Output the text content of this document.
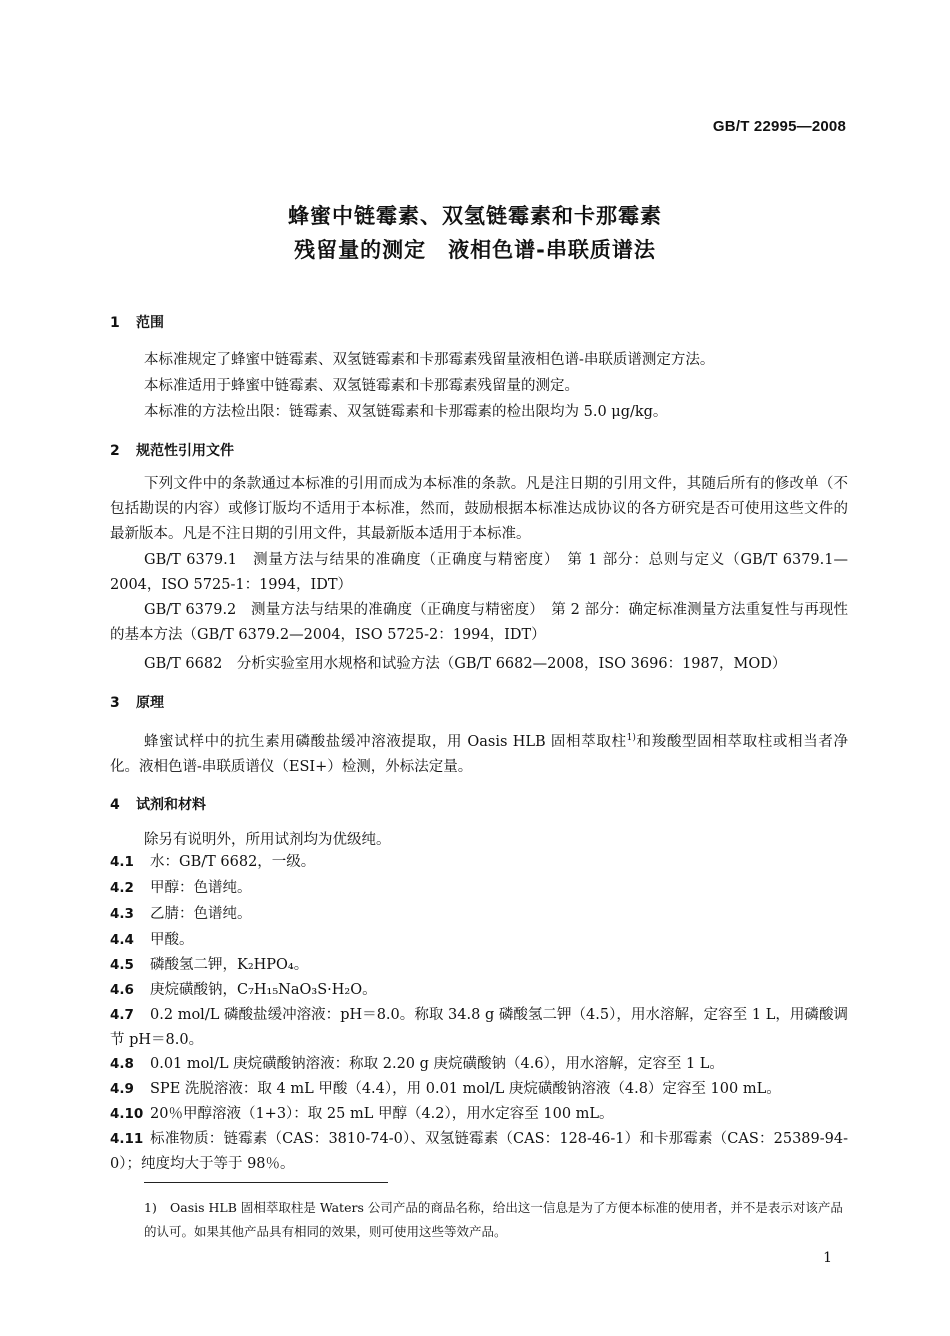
GB/T 22995—2008
蜂蜜中链霉素、双氢链霉素和卡那霉素
残留量的测定　液相色谱-串联质谱法
1 范围
本标准规定了蜂蜜中链霉素、双氢链霉素和卡那霉素残留量液相色谱-串联质谱测定方法。
本标准适用于蜂蜜中链霉素、双氢链霉素和卡那霉素残留量的测定。
本标准的方法检出限：链霉素、双氢链霉素和卡那霉素的检出限均为 5.0 μg/kg。
2 规范性引用文件
下列文件中的条款通过本标准的引用而成为本标准的条款。凡是注日期的引用文件，其随后所有的修改单（不包括勘误的内容）或修订版均不适用于本标准，然而，鼓励根据本标准达成协议的各方研究是否可使用这些文件的最新版本。凡是不注日期的引用文件，其最新版本适用于本标准。
GB/T 6379.1　测量方法与结果的准确度（正确度与精密度）　第 1 部分：总则与定义（GB/T 6379.1—2004，ISO 5725-1：1994，IDT）
GB/T 6379.2　测量方法与结果的准确度（正确度与精密度）　第 2 部分：确定标准测量方法重复性与再现性的基本方法（GB/T 6379.2—2004，ISO 5725-2：1994，IDT）
GB/T 6682　分析实验室用水规格和试验方法（GB/T 6682—2008，ISO 3696：1987，MOD）
3 原理
蜂蜜试样中的抗生素用磷酸盐缓冲溶液提取，用 Oasis HLB 固相萃取柱$^{1)}$和羧酸型固相萃取柱或相当者净化。液相色谱-串联质谱仪（ESI+）检测，外标法定量。
4 试剂和材料
除另有说明外，所用试剂均为优级纯。
4.1 水：GB/T 6682，一级。
4.2 甲醇：色谱纯。
4.3 乙腈：色谱纯。
4.4 甲酸。
4.5 磷酸氢二钾，K₂HPO₄。
4.6 庚烷磺酸钠，C₇H₁₅NaO₃S·H₂O。
4.7 0.2 mol/L 磷酸盐缓冲溶液：pH＝8.0。称取 34.8 g 磷酸氢二钾（4.5），用水溶解，定容至 1 L，用磷酸调节 pH＝8.0。
4.8 0.01 mol/L 庚烷磺酸钠溶液：称取 2.20 g 庚烷磺酸钠（4.6），用水溶解，定容至 1 L。
4.9 SPE 洗脱溶液：取 4 mL 甲酸（4.4），用 0.01 mol/L 庚烷磺酸钠溶液（4.8）定容至 100 mL。
4.10 20％甲醇溶液（1+3）：取 25 mL 甲醇（4.2），用水定容至 100 mL。
4.11 标准物质：链霉素（CAS：3810-74-0）、双氢链霉素（CAS：128-46-1）和卡那霉素（CAS：25389-94-0）；纯度均大于等于 98％。
1) Oasis HLB 固相萃取柱是 Waters 公司产品的商品名称，给出这一信息是为了方便本标准的使用者，并不是表示对该产品的认可。如果其他产品具有相同的效果，则可使用这些等效产品。
1
